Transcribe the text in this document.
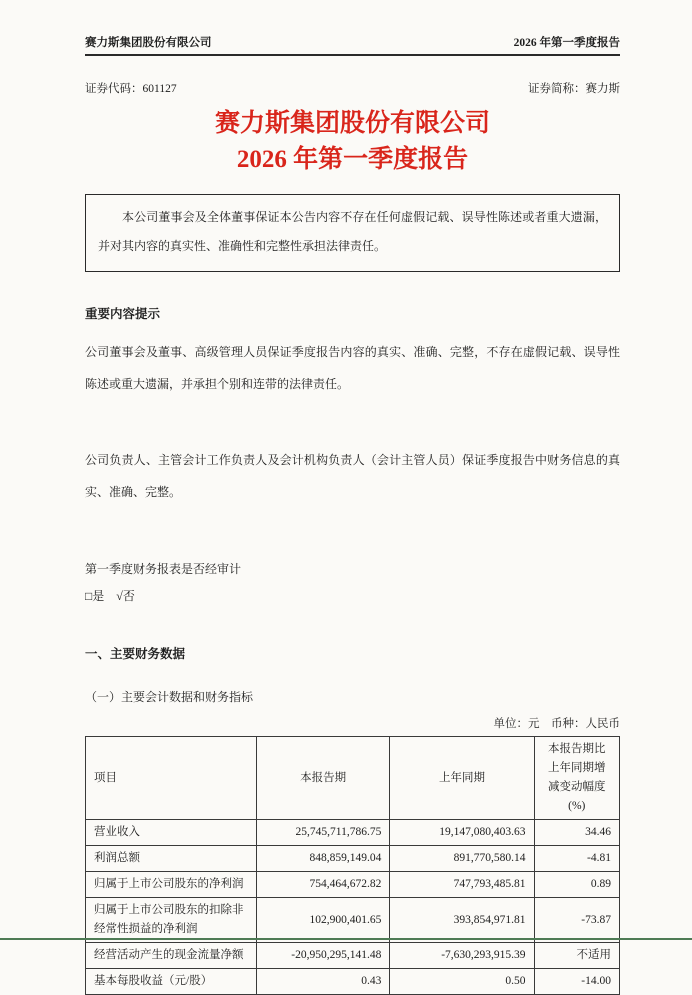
赛力斯集团股份有限公司	2026 年第一季度报告
证券代码：601127	证券简称：赛力斯
赛力斯集团股份有限公司
2026 年第一季度报告
本公司董事会及全体董事保证本公告内容不存在任何虚假记载、误导性陈述或者重大遗漏，并对其内容的真实性、准确性和完整性承担法律责任。
重要内容提示
公司董事会及董事、高级管理人员保证季度报告内容的真实、准确、完整，不存在虚假记载、误导性陈述或重大遗漏，并承担个别和连带的法律责任。
公司负责人、主管会计工作负责人及会计机构负责人（会计主管人员）保证季度报告中财务信息的真实、准确、完整。
第一季度财务报表是否经审计
□是　√否
一、主要财务数据
（一）主要会计数据和财务指标
单位：元　币种：人民币
项目	本报告期	上年同期	本报告期比上年同期增减变动幅度(%)
营业收入	25,745,711,786.75	19,147,080,403.63	34.46
利润总额	848,859,149.04	891,770,580.14	-4.81
归属于上市公司股东的净利润	754,464,672.82	747,793,485.81	0.89
归属于上市公司股东的扣除非经常性损益的净利润	102,900,401.65	393,854,971.81	-73.87
经营活动产生的现金流量净额	-20,950,295,141.48	-7,630,293,915.39	不适用
基本每股收益（元/股）	0.43	0.50	-14.00
